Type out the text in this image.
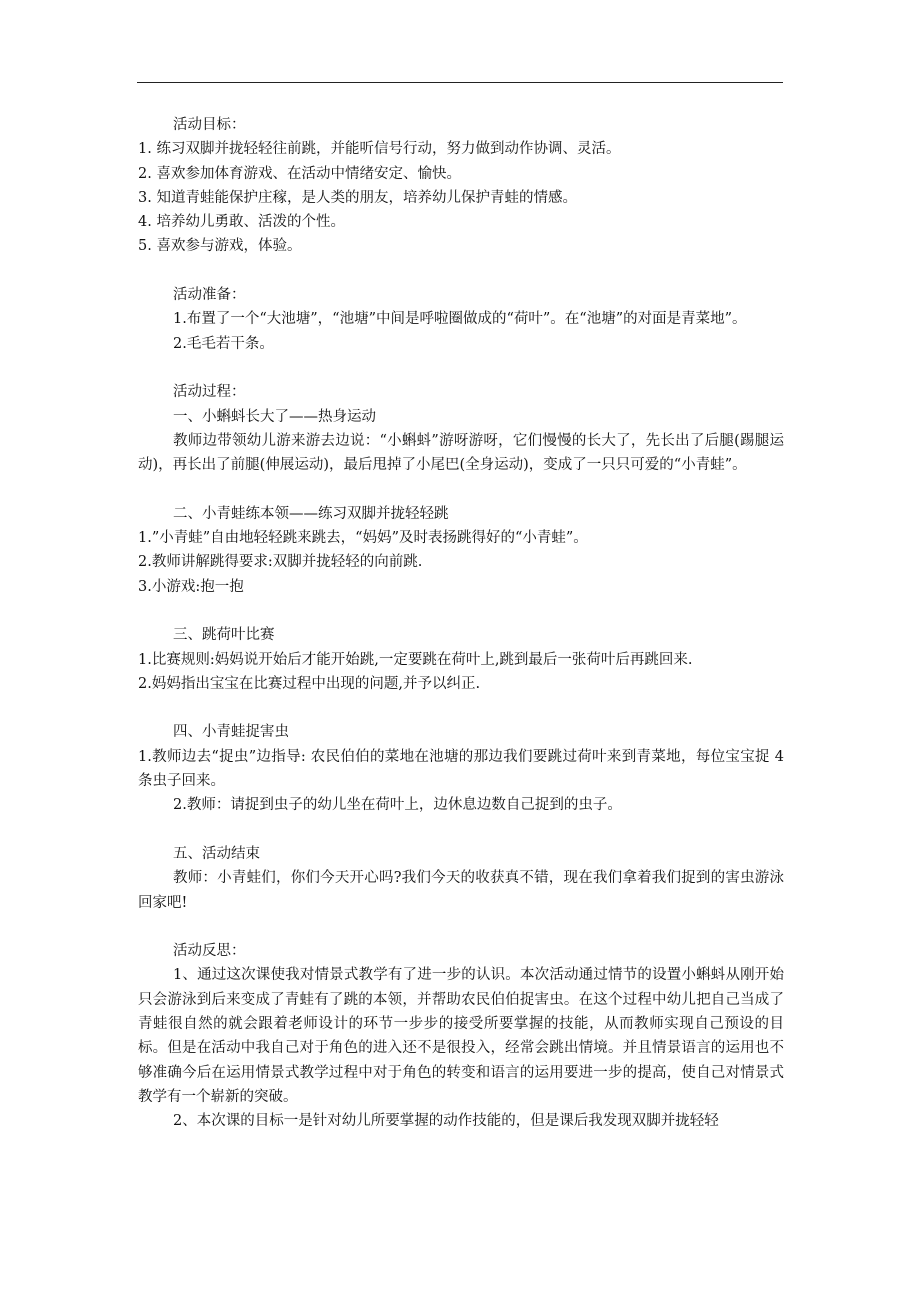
活动目标：

1. 练习双脚并拢轻轻往前跳，并能听信号行动，努力做到动作协调、灵活。

2. 喜欢参加体育游戏、在活动中情绪安定、愉快。

3. 知道青蛙能保护庄稼，是人类的朋友，培养幼儿保护青蛙的情感。

4. 培养幼儿勇敢、活泼的个性。

5. 喜欢参与游戏，体验。

活动准备：

1.布置了一个“大池塘”，“池塘”中间是呼啦圈做成的“荷叶”。在“池塘”的对面是青菜地”。

2.毛毛若干条。

活动过程：

一、小蝌蚪长大了——热身运动

教师边带领幼儿游来游去边说：“小蝌蚪”游呀游呀，它们慢慢的长大了，先长出了后腿(踢腿运动)，再长出了前腿(伸展运动)，最后甩掉了小尾巴(全身运动)，变成了一只只可爱的“小青蛙”。

二、小青蛙练本领——练习双脚并拢轻轻跳

1.”小青蛙”自由地轻轻跳来跳去，“妈妈”及时表扬跳得好的“小青蛙”。

2.教师讲解跳得要求:双脚并拢轻轻的向前跳.

3.小游戏:抱一抱

三、跳荷叶比赛

1.比赛规则:妈妈说开始后才能开始跳,一定要跳在荷叶上,跳到最后一张荷叶后再跳回来.

2.妈妈指出宝宝在比赛过程中出现的问题,并予以纠正.

四、小青蛙捉害虫

1.教师边去“捉虫”边指导: 农民伯伯的菜地在池塘的那边我们要跳过荷叶来到青菜地，每位宝宝捉 4 条虫子回来。

2.教师：请捉到虫子的幼儿坐在荷叶上，边休息边数自己捉到的虫子。

五、活动结束

教师：小青蛙们，你们今天开心吗?我们今天的收获真不错，现在我们拿着我们捉到的害虫游泳回家吧!

活动反思：

1、通过这次课使我对情景式教学有了进一步的认识。本次活动通过情节的设置小蝌蚪从刚开始只会游泳到后来变成了青蛙有了跳的本领，并帮助农民伯伯捉害虫。在这个过程中幼儿把自己当成了青蛙很自然的就会跟着老师设计的环节一步步的接受所要掌握的技能，从而教师实现自己预设的目标。但是在活动中我自己对于角色的进入还不是很投入，经常会跳出情境。并且情景语言的运用也不够准确今后在运用情景式教学过程中对于角色的转变和语言的运用要进一步的提高，使自己对情景式教学有一个崭新的突破。

2、本次课的目标一是针对幼儿所要掌握的动作技能的，但是课后我发现双脚并拢轻轻
